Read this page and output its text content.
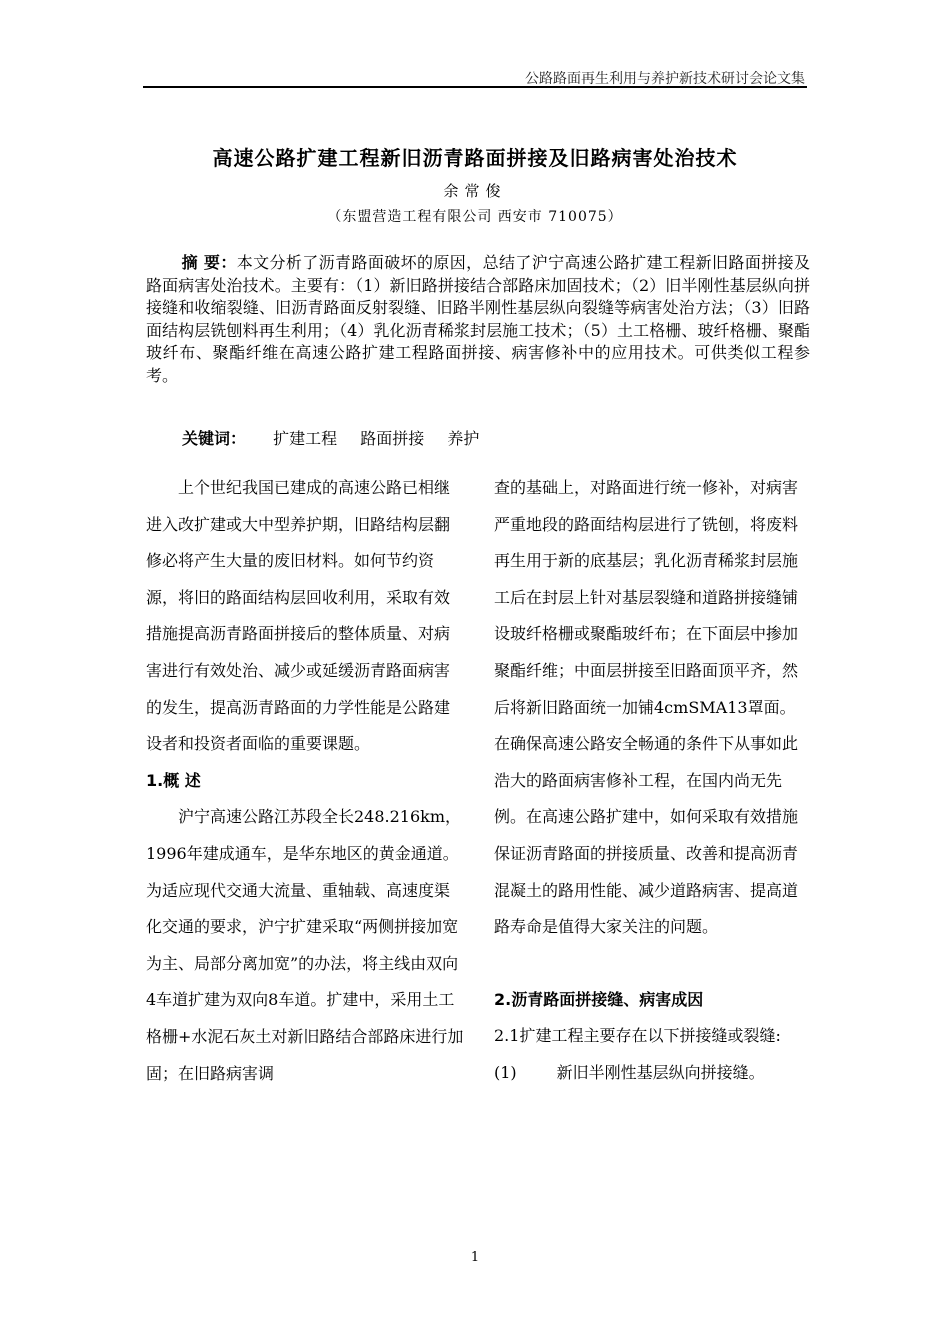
公路路面再生利用与养护新技术研讨会论文集
高速公路扩建工程新旧沥青路面拼接及旧路病害处治技术
余常俊
（东盟营造工程有限公司 西安市 710075）
摘 要：本文分析了沥青路面破坏的原因，总结了沪宁高速公路扩建工程新旧路面拼接及路面病害处治技术。主要有：（1）新旧路拼接结合部路床加固技术；（2）旧半刚性基层纵向拼接缝和收缩裂缝、旧沥青路面反射裂缝、旧路半刚性基层纵向裂缝等病害处治方法；（3）旧路面结构层铣刨料再生利用；（4）乳化沥青稀浆封层施工技术；（5）土工格栅、玻纤格栅、聚酯玻纤布、聚酯纤维在高速公路扩建工程路面拼接、病害修补中的应用技术。可供类似工程参考。
关键词： 扩建工程 路面拼接 养护

上个世纪我国已建成的高速公路已相继进入改扩建或大中型养护期，旧路结构层翻修必将产生大量的废旧材料。如何节约资源，将旧的路面结构层回收利用，采取有效措施提高沥青路面拼接后的整体质量、对病害进行有效处治、减少或延缓沥青路面病害的发生，提高沥青路面的力学性能是公路建设者和投资者面临的重要课题。

1.概 述

沪宁高速公路江苏段全长248.216km，1996年建成通车，是华东地区的黄金通道。为适应现代交通大流量、重轴载、高速度渠化交通的要求，沪宁扩建采取“两侧拼接加宽为主、局部分离加宽”的办法，将主线由双向4车道扩建为双向8车道。扩建中，采用土工格栅+水泥石灰土对新旧路结合部路床进行加固；在旧路病害调

查的基础上，对路面进行统一修补，对病害严重地段的路面结构层进行了铣刨，将废料再生用于新的底基层；乳化沥青稀浆封层施工后在封层上针对基层裂缝和道路拼接缝铺设玻纤格栅或聚酯玻纤布；在下面层中掺加聚酯纤维；中面层拼接至旧路面顶平齐，然后将新旧路面统一加铺4cmSMA13罩面。在确保高速公路安全畅通的条件下从事如此浩大的路面病害修补工程，在国内尚无先例。在高速公路扩建中，如何采取有效措施保证沥青路面的拼接质量、改善和提高沥青混凝土的路用性能、减少道路病害、提高道路寿命是值得大家关注的问题。

2.沥青路面拼接缝、病害成因

2.1扩建工程主要存在以下拼接缝或裂缝:

(1)	新旧半刚性基层纵向拼接缝。

1
